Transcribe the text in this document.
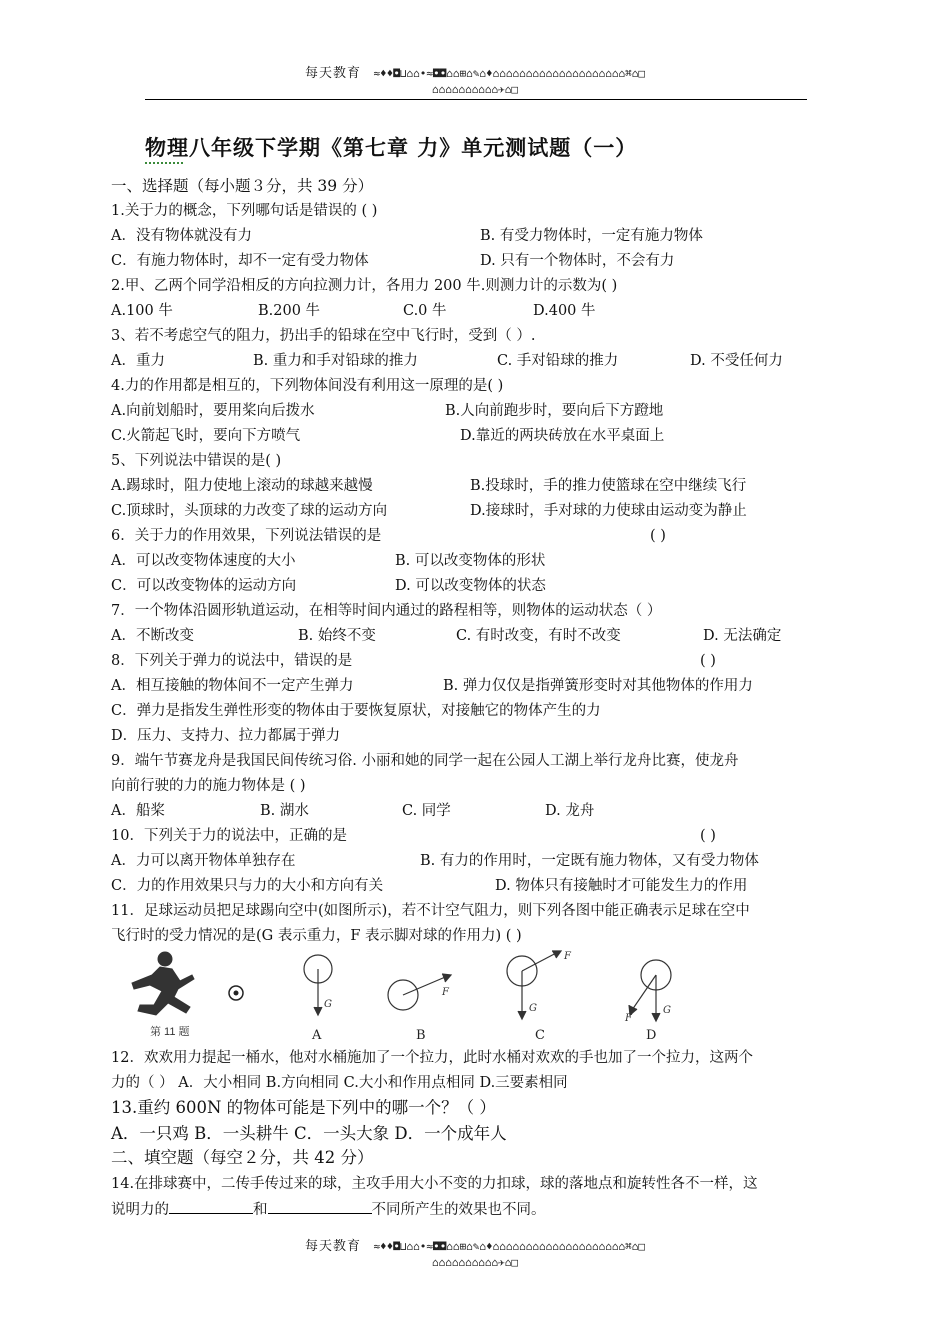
每天教育 ≈♦♦◘⊔⌂⌂•≈◘◘⌂⌂⊞⌂✎⌂♦⌂⌂⌂⌂⌂⌂⌂⌂⌂⌂⌂⌂⌂⌂⌂⌂⌂⌂⌂⌂⌘⌂□
⌂⌂⌂⌂⌂⌂⌂⌂⌂⌂✈⌂□
物理八年级下学期《第七章 力》单元测试题（一）
一、选择题（每小题３分，共 39 分）
1.关于力的概念，下列哪句话是错误的 ( )
A．没有物体就没有力	B. 有受力物体时，一定有施力物体
C．有施力物体时，却不一定有受力物体	D. 只有一个物体时，不会有力
2.甲、乙两个同学沿相反的方向拉测力计，各用力 200 牛.则测力计的示数为( )
A.100 牛	B.200 牛	C.0 牛	D.400 牛
3、若不考虑空气的阻力，扔出手的铅球在空中飞行时，受到（ ）.
A．重力	B. 重力和手对铅球的推力	C. 手对铅球的推力	D. 不受任何力
4.力的作用都是相互的，下列物体间没有利用这一原理的是( )
A.向前划船时，要用桨向后拨水	B.人向前跑步时，要向后下方蹬地
C.火箭起飞时，要向下方喷气	D.靠近的两块砖放在水平桌面上
5、下列说法中错误的是( )
A.踢球时，阻力使地上滚动的球越来越慢	B.投球时，手的推力使篮球在空中继续飞行
C.顶球时，头顶球的力改变了球的运动方向	D.接球时，手对球的力使球由运动变为静止
6．关于力的作用效果，下列说法错误的是	( )
A．可以改变物体速度的大小	B. 可以改变物体的形状
C．可以改变物体的运动方向	D. 可以改变物体的状态
7．一个物体沿圆形轨道运动，在相等时间内通过的路程相等，则物体的运动状态（ ）
A．不断改变	B. 始终不变	C. 有时改变，有时不改变	D. 无法确定
8．下列关于弹力的说法中，错误的是	( )
A．相互接触的物体间不一定产生弹力	B. 弹力仅仅是指弹簧形变时对其他物体的作用力
C．弹力是指发生弹性形变的物体由于要恢复原状，对接触它的物体产生的力
D．压力、支持力、拉力都属于弹力
9．端午节赛龙舟是我国民间传统习俗. 小丽和她的同学一起在公园人工湖上举行龙舟比赛，使龙舟
向前行驶的力的施力物体是 ( )
A．船桨	B. 湖水	C. 同学	D. 龙舟
10．下列关于力的说法中，正确的是	( )
A．力可以离开物体单独存在	B. 有力的作用时，一定既有施力物体，又有受力物体
C．力的作用效果只与力的大小和方向有关	D. 物体只有接触时才可能发生力的作用
11．足球运动员把足球踢向空中(如图所示)，若不计空气阻力，则下列各图中能正确表示足球在空中
飞行时的受力情况的是(G 表示重力，F 表示脚对球的作用力) ( )
第 11 题
G
A
F
B
F
G
C
F
G
D
12．欢欢用力提起一桶水，他对水桶施加了一个拉力，此时水桶对欢欢的手也加了一个拉力，这两个
力的（ ） A．大小相同 B.方向相同 C.大小和作用点相同 D.三要素相同
13.重约 600N 的物体可能是下列中的哪一个？（ ）
A．一只鸡 B．一头耕牛 C．一头大象 D．一个成年人
二、填空题（每空２分，共 42 分）
14.在排球赛中，二传手传过来的球，主攻手用大小不变的力扣球，球的落地点和旋转性各不一样，这
说明力的	和	不同所产生的效果也不同。
每天教育 ≈♦♦◘⊔⌂⌂•≈◘◘⌂⌂⊞⌂✎⌂♦⌂⌂⌂⌂⌂⌂⌂⌂⌂⌂⌂⌂⌂⌂⌂⌂⌂⌂⌂⌂⌘⌂□
⌂⌂⌂⌂⌂⌂⌂⌂⌂⌂✈⌂□
